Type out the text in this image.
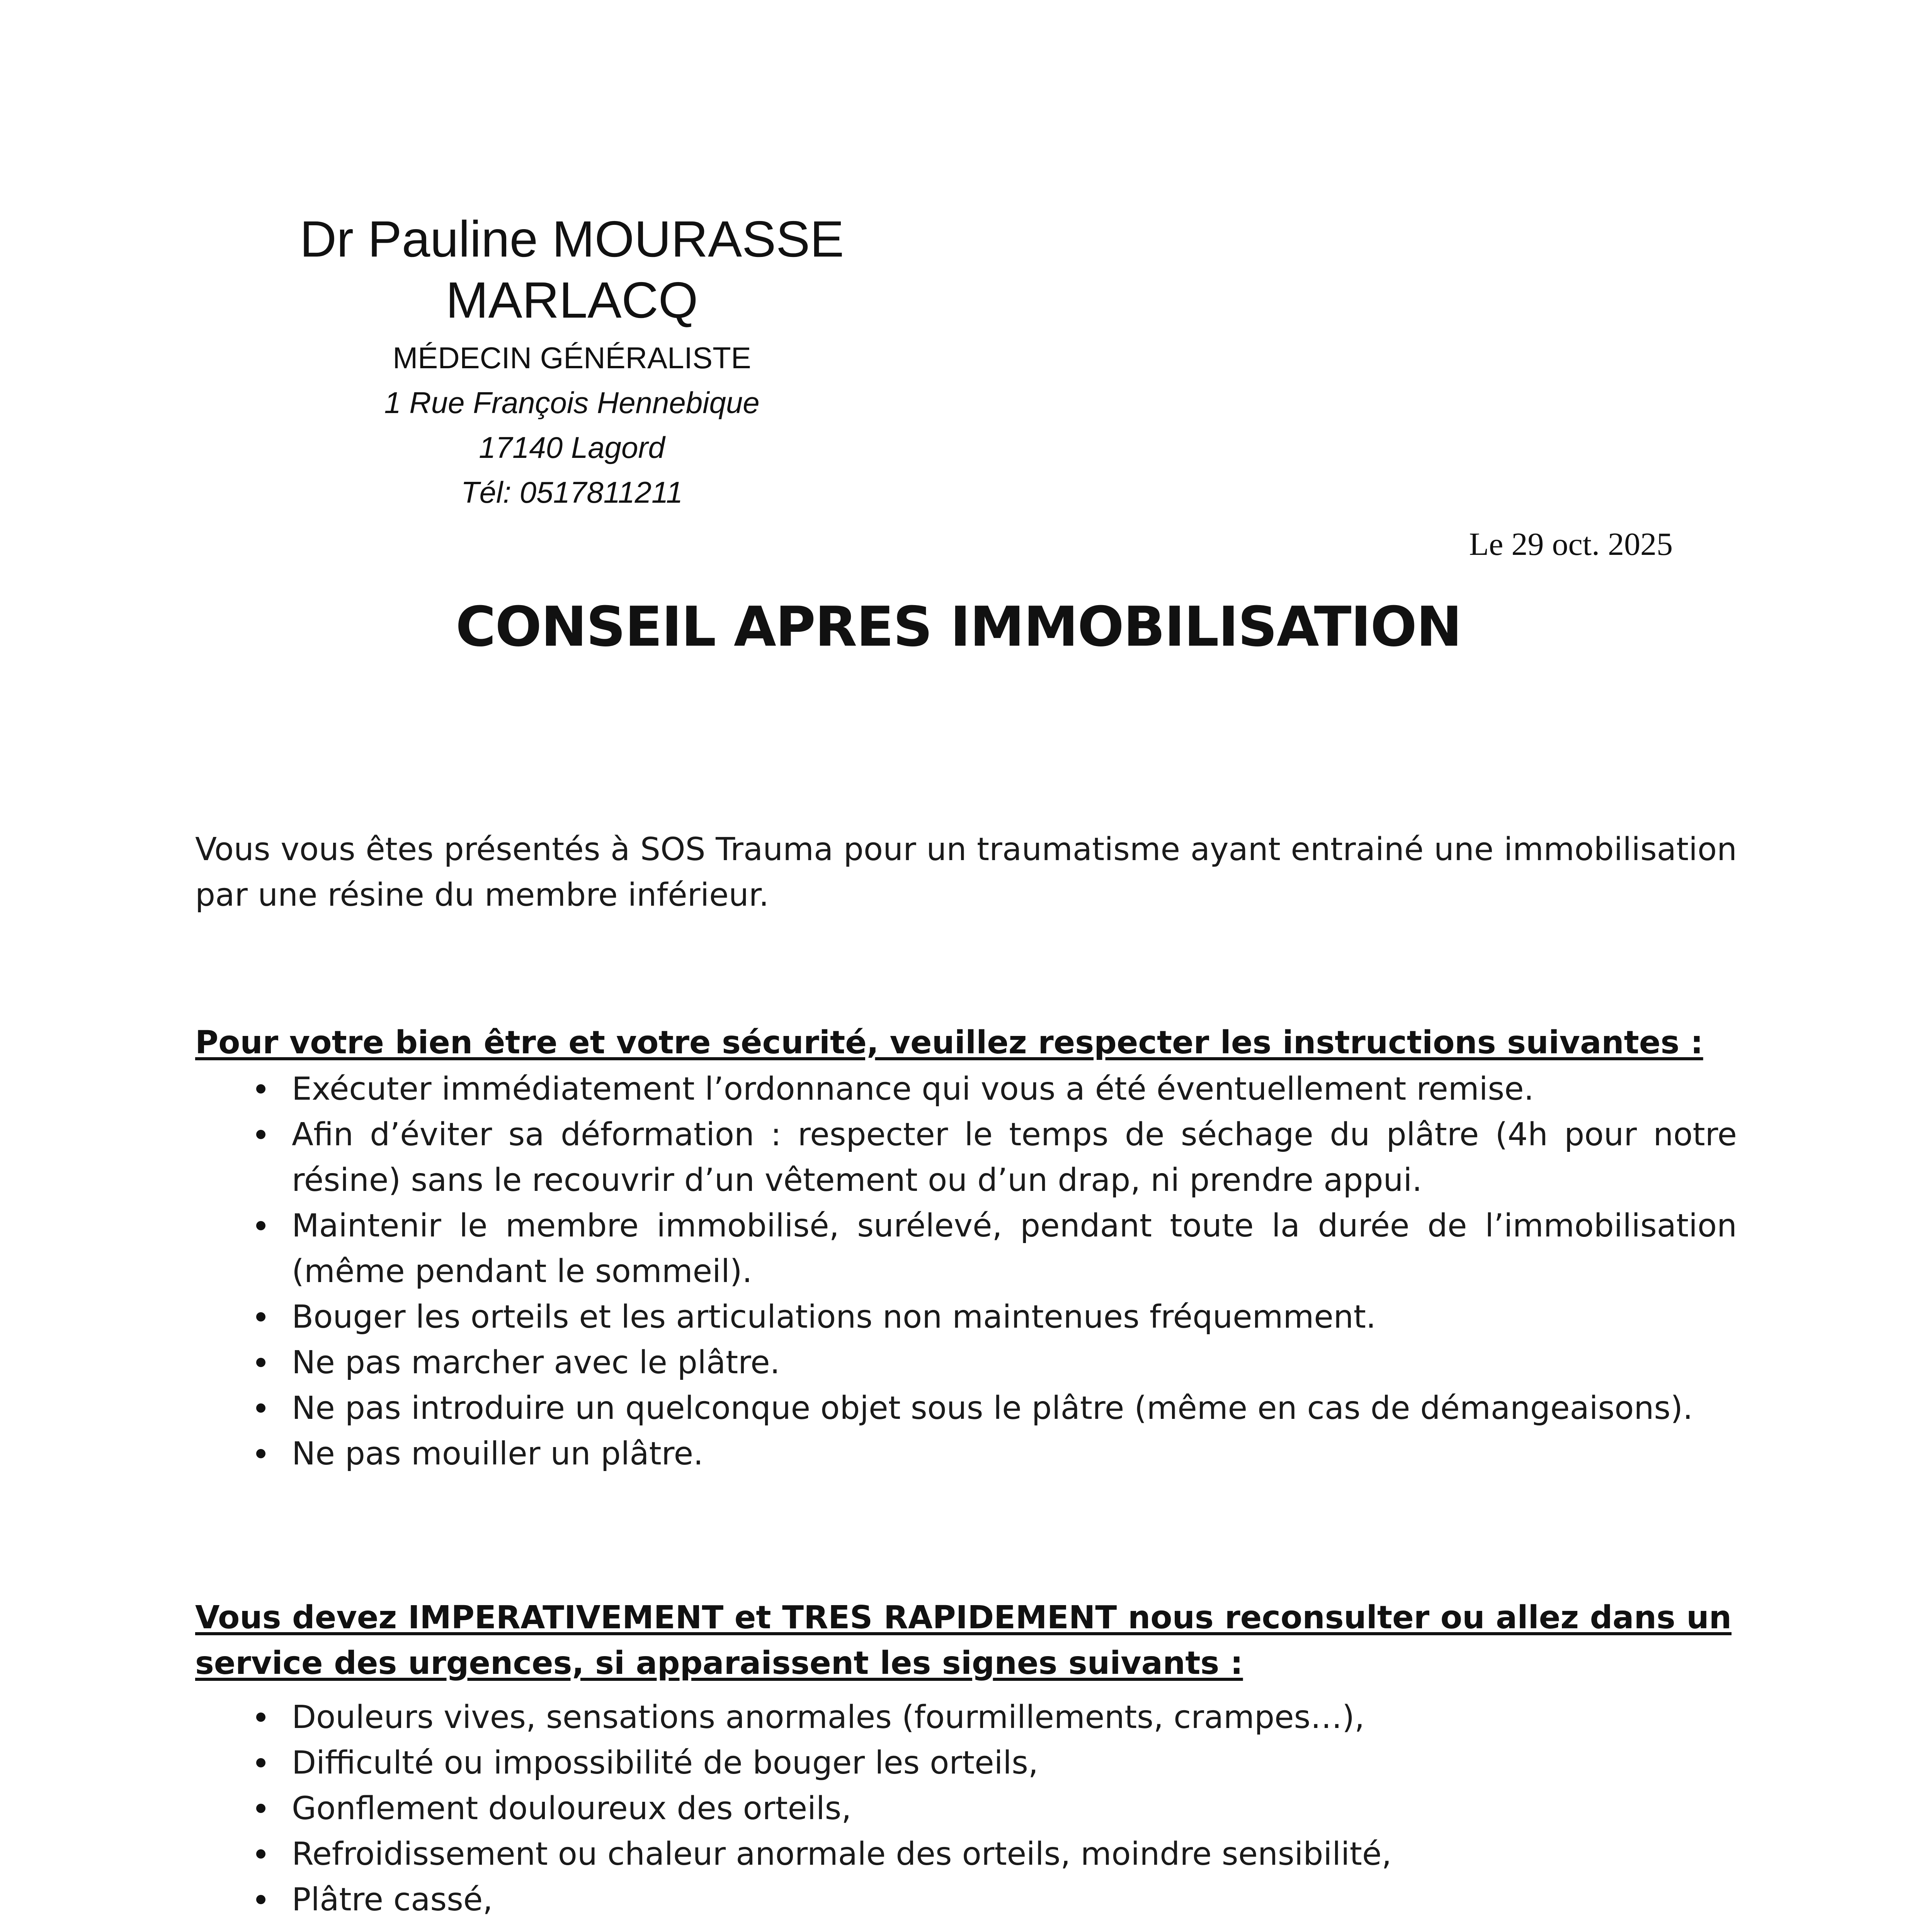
Dr Pauline MOURASSE
MARLACQ
MÉDECIN GÉNÉRALISTE
1 Rue François Hennebique
17140 Lagord
Tél: 0517811211
Le 29 oct. 2025
CONSEIL APRES IMMOBILISATION

Vous vous êtes présentés à SOS Trauma pour un traumatisme ayant entrainé une immobilisation par une résine du membre inférieur.

Pour votre bien être et votre sécurité, veuillez respecter les instructions suivantes :
Exécuter immédiatement l’ordonnance qui vous a été éventuellement remise.
Afin d’éviter sa déformation : respecter le temps de séchage du plâtre (4h pour notre résine) sans le recouvrir d’un vêtement ou d’un drap, ni prendre appui.
Maintenir le membre immobilisé, surélevé, pendant toute la durée de l’immobilisation (même pendant le sommeil).
Bouger les orteils et les articulations non maintenues fréquemment.
Ne pas marcher avec le plâtre.
Ne pas introduire un quelconque objet sous le plâtre (même en cas de démangeaisons).
Ne pas mouiller un plâtre.
Vous devez IMPERATIVEMENT et TRES RAPIDEMENT nous reconsulter ou allez dans un service des urgences, si apparaissent les signes suivants :
Douleurs vives, sensations anormales (fourmillements, crampes…),
Difficulté ou impossibilité de bouger les orteils,
Gonflement douloureux des orteils,
Refroidissement ou chaleur anormale des orteils, moindre sensibilité,
Plâtre cassé,
